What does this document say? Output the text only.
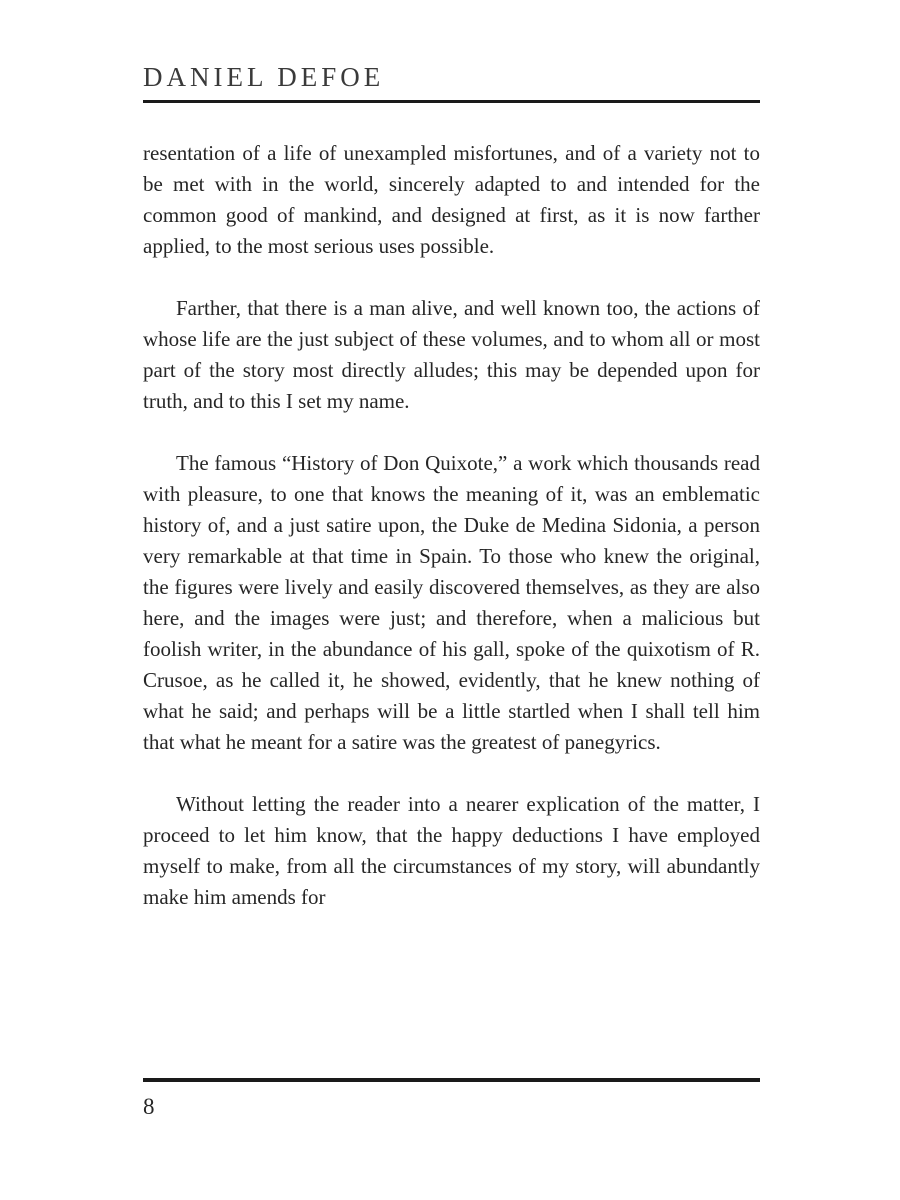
DANIEL DEFOE

resentation of a life of unexampled misfortunes, and of a variety not to be met with in the world, sincerely adapted to and intended for the common good of mankind, and designed at first, as it is now farther applied, to the most serious uses possible.

Farther, that there is a man alive, and well known too, the actions of whose life are the just subject of these volumes, and to whom all or most part of the story most directly alludes; this may be depended upon for truth, and to this I set my name.

The famous “History of Don Quixote,” a work which thousands read with pleasure, to one that knows the meaning of it, was an emblematic history of, and a just satire upon, the Duke de Medina Sidonia, a person very remarkable at that time in Spain. To those who knew the original, the figures were lively and easily discovered themselves, as they are also here, and the images were just; and therefore, when a malicious but foolish writer, in the abundance of his gall, spoke of the quixotism of R. Crusoe, as he called it, he showed, evidently, that he knew nothing of what he said; and perhaps will be a little startled when I shall tell him that what he meant for a satire was the greatest of panegyrics.

Without letting the reader into a nearer explication of the matter, I proceed to let him know, that the happy deductions I have employed myself to make, from all the circumstances of my story, will abundantly make him amends for

8
